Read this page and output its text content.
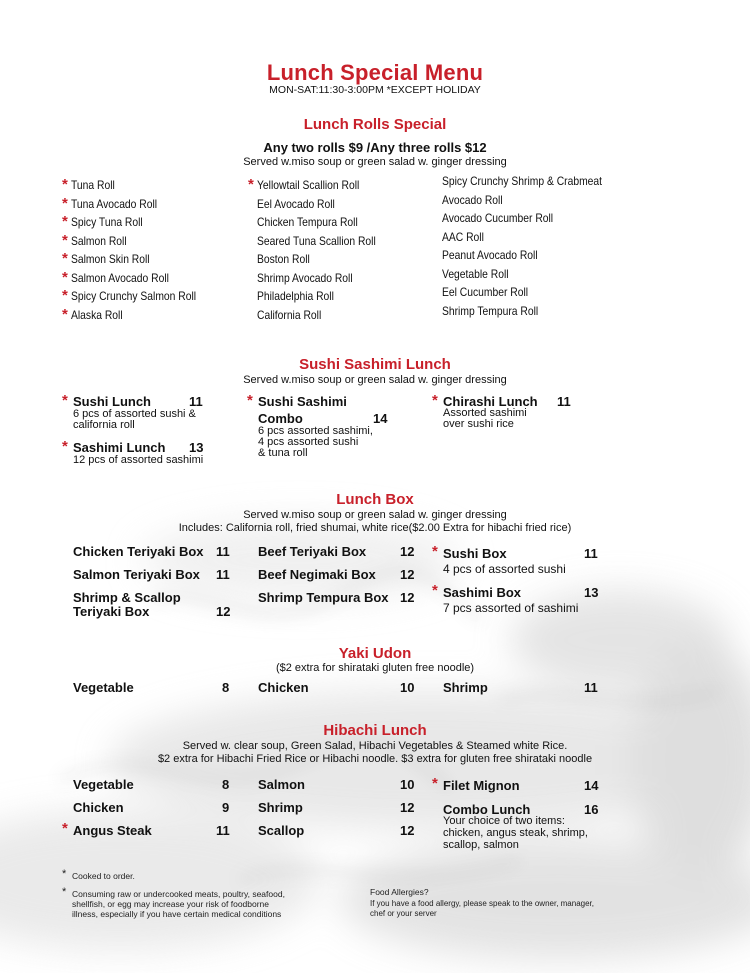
Lunch Special Menu
MON-SAT:11:30-3:00PM *EXCEPT HOLIDAY
Lunch Rolls Special
Any two rolls $9 /Any three rolls $12
Served w.miso soup or green salad w. ginger dressing
* Tuna Roll
* Tuna Avocado Roll
* Spicy Tuna Roll
* Salmon Roll
* Salmon Skin Roll
* Salmon Avocado Roll
* Spicy Crunchy Salmon Roll
* Alaska Roll
* Yellowtail Scallion Roll
Eel Avocado Roll
Chicken Tempura Roll
Seared Tuna Scallion Roll
Boston Roll
Shrimp Avocado Roll
Philadelphia Roll
California Roll
Spicy Crunchy Shrimp & Crabmeat
Avocado Roll
Avocado Cucumber Roll
AAC Roll
Peanut Avocado Roll
Vegetable Roll
Eel Cucumber Roll
Shrimp Tempura Roll
Sushi Sashimi Lunch
Served w.miso soup or green salad w. ginger dressing
* Sushi Lunch	11
6 pcs of assorted sushi &
california roll
* Sashimi Lunch 13
12 pcs of assorted sashimi
* Sushi Sashimi
Combo	14
6 pcs assorted sashimi,
4 pcs assorted sushi
& tuna roll
* Chirashi Lunch 11
Assorted sashimi
over sushi rice
Lunch Box
Served w.miso soup or green salad w. ginger dressing
Includes: California roll, fried shumai, white rice($2.00 Extra for hibachi fried rice)
Chicken Teriyaki Box 11
Salmon Teriyaki Box 11
Shrimp & Scallop
Teriyaki Box	12
Beef Teriyaki Box	12
Beef Negimaki Box 12
Shrimp Tempura Box 12
* Sushi Box	11
4 pcs of assorted sushi
* Sashimi Box	13
7 pcs assorted of sashimi
Yaki Udon
($2 extra for shirataki gluten free noodle)
Vegetable	8 Chicken	10 Shrimp	11
Hibachi Lunch
Served w. clear soup, Green Salad, Hibachi Vegetables & Steamed white Rice.
$2 extra for Hibachi Fried Rice or Hibachi noodle. $3 extra for gluten free shirataki noodle
Vegetable	8
Chicken	9
* Angus Steak	11
Salmon	10
Shrimp	12
Scallop	12
* Filet Mignon	14
Combo Lunch	16
Your choice of two items:
chicken, angus steak, shrimp,
scallop, salmon
* Cooked to order.
* Consuming raw or undercooked meats, poultry, seafood,
shellfish, or egg may increase your risk of foodborne
illness, especially if you have certain medical conditions
Food Allergies?
If you have a food allergy, please speak to the owner, manager,
chef or your server
